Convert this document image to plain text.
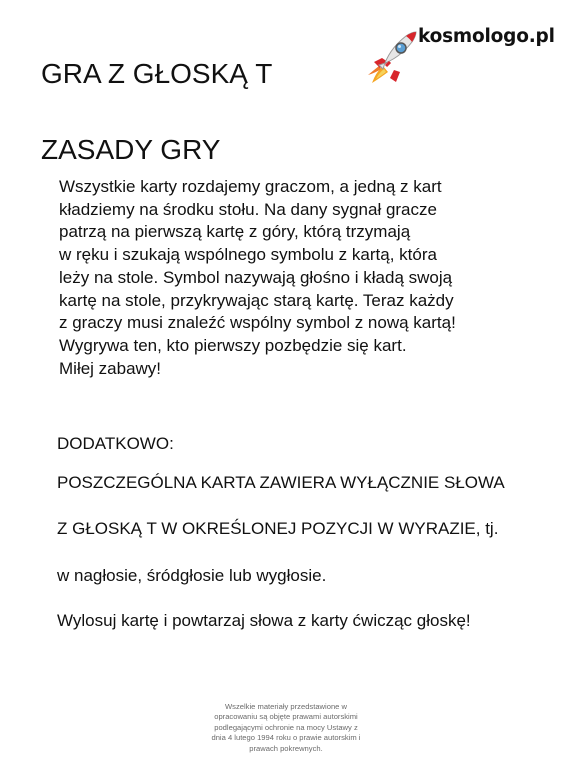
kosmologo.pl
GRA Z GŁOSKĄ T
ZASADY GRY
Wszystkie karty rozdajemy graczom, a jedną z kart
kładziemy na środku stołu. Na dany sygnał gracze
patrzą na pierwszą kartę z góry, którą trzymają
w ręku i szukają wspólnego symbolu z kartą, która
leży na stole. Symbol nazywają głośno i kładą swoją
kartę na stole, przykrywając starą kartę. Teraz każdy
z graczy musi znaleźć wspólny symbol z nową kartą!
Wygrywa ten, kto pierwszy pozbędzie się kart.
Miłej zabawy!
DODATKOWO:
POSZCZEGÓLNA KARTA ZAWIERA WYŁĄCZNIE SŁOWA
Z GŁOSKĄ T W OKREŚLONEJ POZYCJI W WYRAZIE, tj.
w nagłosie, śródgłosie lub wygłosie.
Wylosuj kartę i powtarzaj słowa z karty ćwicząc głoskę!
Wszelkie materiały przedstawione w
opracowaniu są objęte prawami autorskimi
podlegającymi ochronie na mocy Ustawy z
dnia 4 lutego 1994 roku o prawie autorskim i
prawach pokrewnych.
